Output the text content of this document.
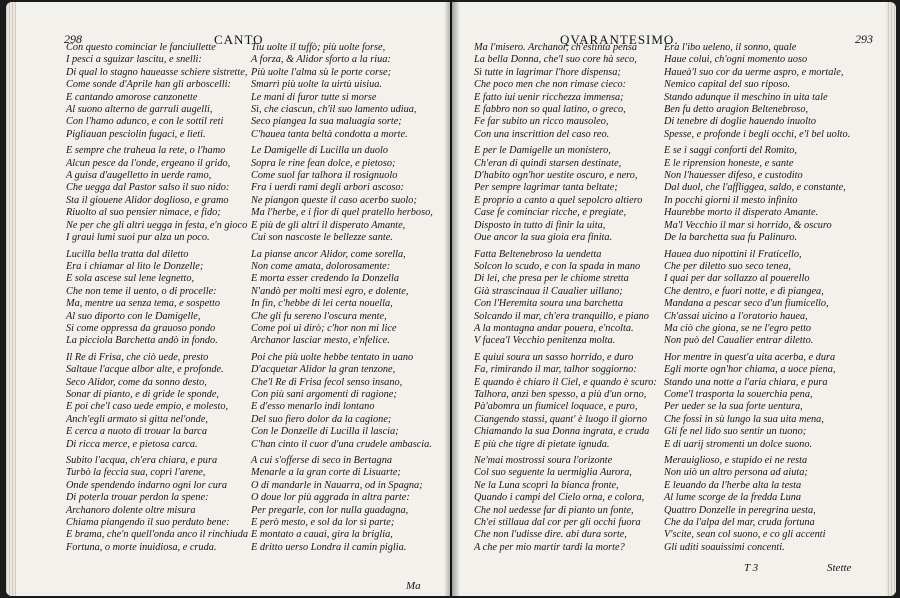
298	CANTO
Con questo cominciar le fanciullette
I pesci a sguizar lascitu, e snelli:
Di qual lo stagno haueasse schiere sistrette,
Come sonde d'Aprile han gli arboscelli:
E cantando amorose canzonette
Al suono alterno de garruli augelli,
Con l'hamo adunco, e con le sottil reti
Pigliauan pesciolin fugaci, e lieti.
E sempre che traheua la rete, o l'hamo
Alcun pesce da l'onde, ergeano il grido,
A guisa d'augelletto in uerde ramo,
Che uegga dal Pastor salso il suo nido:
Sta il giouene Alidor doglioso, e gramo
Riuolto al suo pensier nimace, e fido;
Ne per che gli altri uegga in festa, e'n gioco
I graui lumi suoi pur alza un poco.
Lucilla bella tratta dal diletto
Era i chiamar al lito le Donzelle;
E sola ascese sul lene legnetto,
Che non teme il uento, o di procelle:
Ma, mentre ua senza tema, e sospetto
Al suo diporto con le Damigelle,
Si come oppressa da grauoso pondo
La picciola Barchetta andò in fondo.
Il Re di Frisa, che ciò uede, presto
Saltaue l'acque albor alte, e profonde.
Seco Alidor, come da sonno desto,
Sonar di pianto, e di gride le sponde,
E poi che'l caso uede empio, e molesto,
Anch'egli armato si gitta nel'onde,
E cerca a nuoto di trouar la barca
Di ricca merce, e pietosa carca.
Subito l'acqua, ch'era chiara, e pura
Turbò la feccia sua, coprì l'arene,
Onde spendendo indarno ogni lor cura
Di poterla trouar perdon la spene:
Archanoro dolente oltre misura
Chiama piangendo il suo perduto bene:
E brama, che'n quell'onda anco il rinchiuda
Fortuna, o morte inuidiosa, e cruda.
Tiu uolte il tuffò; più uolte forse,
A forza, & Alidor sforto a la riua:
Più uolte l'alma sù le porte corse;
Smarrì più uolte la uirtù uisiua.
Le mani di furor tutte si morse
Sì, che ciascun, ch'il suo lamento udiua,
Seco piangea la sua maluagia sorte;
C'hauea tanta beltà condotta a morte.
Le Damigelle di Lucilla un duolo
Sopra le rine fean dolce, e pietoso;
Come suol far talhora il rosignuolo
Fra i uerdi rami degli arbori ascoso:
Ne piangon queste il caso acerbo suolo;
Ma l'herbe, e i fior di quel pratello herboso,
E più de gli altri il disperato Amante,
Cui son nascoste le bellezze sante.
La pianse ancor Alidor, come sorella,
Non come amata, dolorosamente:
E morta esser credendo la Donzella
N'andò per molti mesi egro, e dolente,
In fin, c'hebbe di lei certa nouella,
Che gli fu sereno l'oscura mente,
Come poi ui dirò; c'hor non mi lice
Archanor lasciar mesto, e'nfelice.
Poi che più uolte hebbe tentato in uano
D'acquetar Alidor la gran tenzone,
Che'l Re di Frisa fecol senso insano,
Con più sani argomenti di ragione;
E d'esso menarlo indi lontano
Del suo fiero dolor da la cagione;
Con le Donzelle di Lucilla il lascia;
C'han cinto il cuor d'una crudele ambascia.
A cui s'offerse di seco in Bertagna
Menarle a la gran corte di Lisuarte;
O di mandarle in Nauarra, od in Spagna;
O doue lor più aggrada in altra parte:
Per pregarle, con lor nulla guadagna,
E però mesto, e sol da lor si parte;
E montato a cauai, gira la briglia,
E dritto uerso Londra il camin piglia.
Ma
QVARANTESIMO.	293
Ma l'misero. Archanor, ch'estinta pensa
La bella Donna, che'l suo core hà seco,
Sì tutte in lagrimar l'hore dispensa;
Che poco men che non rimase cieco:
E fatto iui uenir ricchezza immensa;
E fabbro non so qual latino, o greco,
Fe far subito un ricco mausoleo,
Con una inscrittion del caso reo.
E per le Damigelle un monistero,
Ch'eran di quindi starsen destinate,
D'habito ogn'hor uestite oscuro, e nero,
Per sempre lagrimar tanta beltate;
E proprio a canto a quel sepolcro altiero
Case fe cominciar ricche, e pregiate,
Disposto in tutto di finir la uita,
Oue ancor la sua gioia era finita.
Fatta Beltenebroso la uendetta
Solcon lo scudo, e con la spada in mano
Di lei, che presa per le chiome stretta
Già strascinaua il Caualier uillano;
Con l'Heremita soura una barchetta
Solcando il mar, ch'era tranquillo, e piano
A la montagna andar pouera, e'ncolta.
V facea'l Vecchio penitenza molta.
E quiui soura un sasso horrido, e duro
Fa, rimirando il mar, talhor soggiorno:
E quando è chiaro il Ciel, e quando è scuro:
Talhora, anzi ben spesso, a più d'un orno,
Pà'abomra un fiumicel loquace, e puro,
Ciangendo stassi, quant' è luogo il giorno
Chiamando la sua Donna ingrata, e cruda
E più che tigre di pietate ignuda.
Ne'mai mostrossi soura l'orizonte
Col suo seguente la uermiglia Aurora,
Ne la Luna scoprì la bianca fronte,
Quando i campi del Cielo orna, e colora,
Che nol uedesse far di pianto un fonte,
Ch'ei stillaua dal cor per gli occhi fuora
Che non l'udisse dire. abi dura sorte,
A che per mio martir tardi la morte?
Era l'ibo ueleno, il sonno, quale
Haue colui, ch'ogni momento uoso
Haueà'l suo cor da uerme aspro, e mortale,
Nemico capital del suo riposo.
Stando adunque il meschino in uita tale
Ben fu detto aragion Beltenebroso,
Di tenebre di doglie hauendo inuolto
Spesse, e profonde i begli occhi, e'l bel uolto.
E se i saggi conforti del Romito,
E le riprension honeste, e sante
Non l'hauesser difeso, e custodito
Dal duol, che l'affliggea, saldo, e constante,
In pocchi giorni il mesto infinito
Haurebbe morto il disperato Amante.
Ma'l Vecchio il mar sì horrido, & oscuro
De la barchetta sua fu Palinuro.
Hauea duo nipottini il Fraticello,
Che per diletto suo seco tenea,
I quai per dar sollazzo al pouerello
Che dentro, e fuori notte, e dì piangea,
Mandana a pescar seco d'un fiumicello,
Ch'assai uicino a l'oratorio hauea,
Ma ciò che giona, se ne l'egro petto
Non può del Caualier entrar diletto.
Hor mentre in quest'a uita acerba, e dura
Egli morte ogn'hor chiama, a uoce piena,
Stando una notte a l'aria chiara, e pura
Come'l trasporta la souerchia pena,
Per ueder se la sua forte uentura,
Che fossi in sù lungo la sua uita mena,
Gli fe nel lido suo sentir un tuono;
E di uarij stromenti un dolce suono.
Merauiglioso, e stupido ei ne resta
Non uiò un altro persona ad aiuta;
E leuando da l'herbe alta la testa
Al lume scorge de la fredda Luna
Quattro Donzelle in peregrina uesta,
Che da l'alpa del mar, cruda fortuna
V'scite, sean col suono, e co gli accenti
Gli uditi soauissimi concenti.
T 3	Stette
